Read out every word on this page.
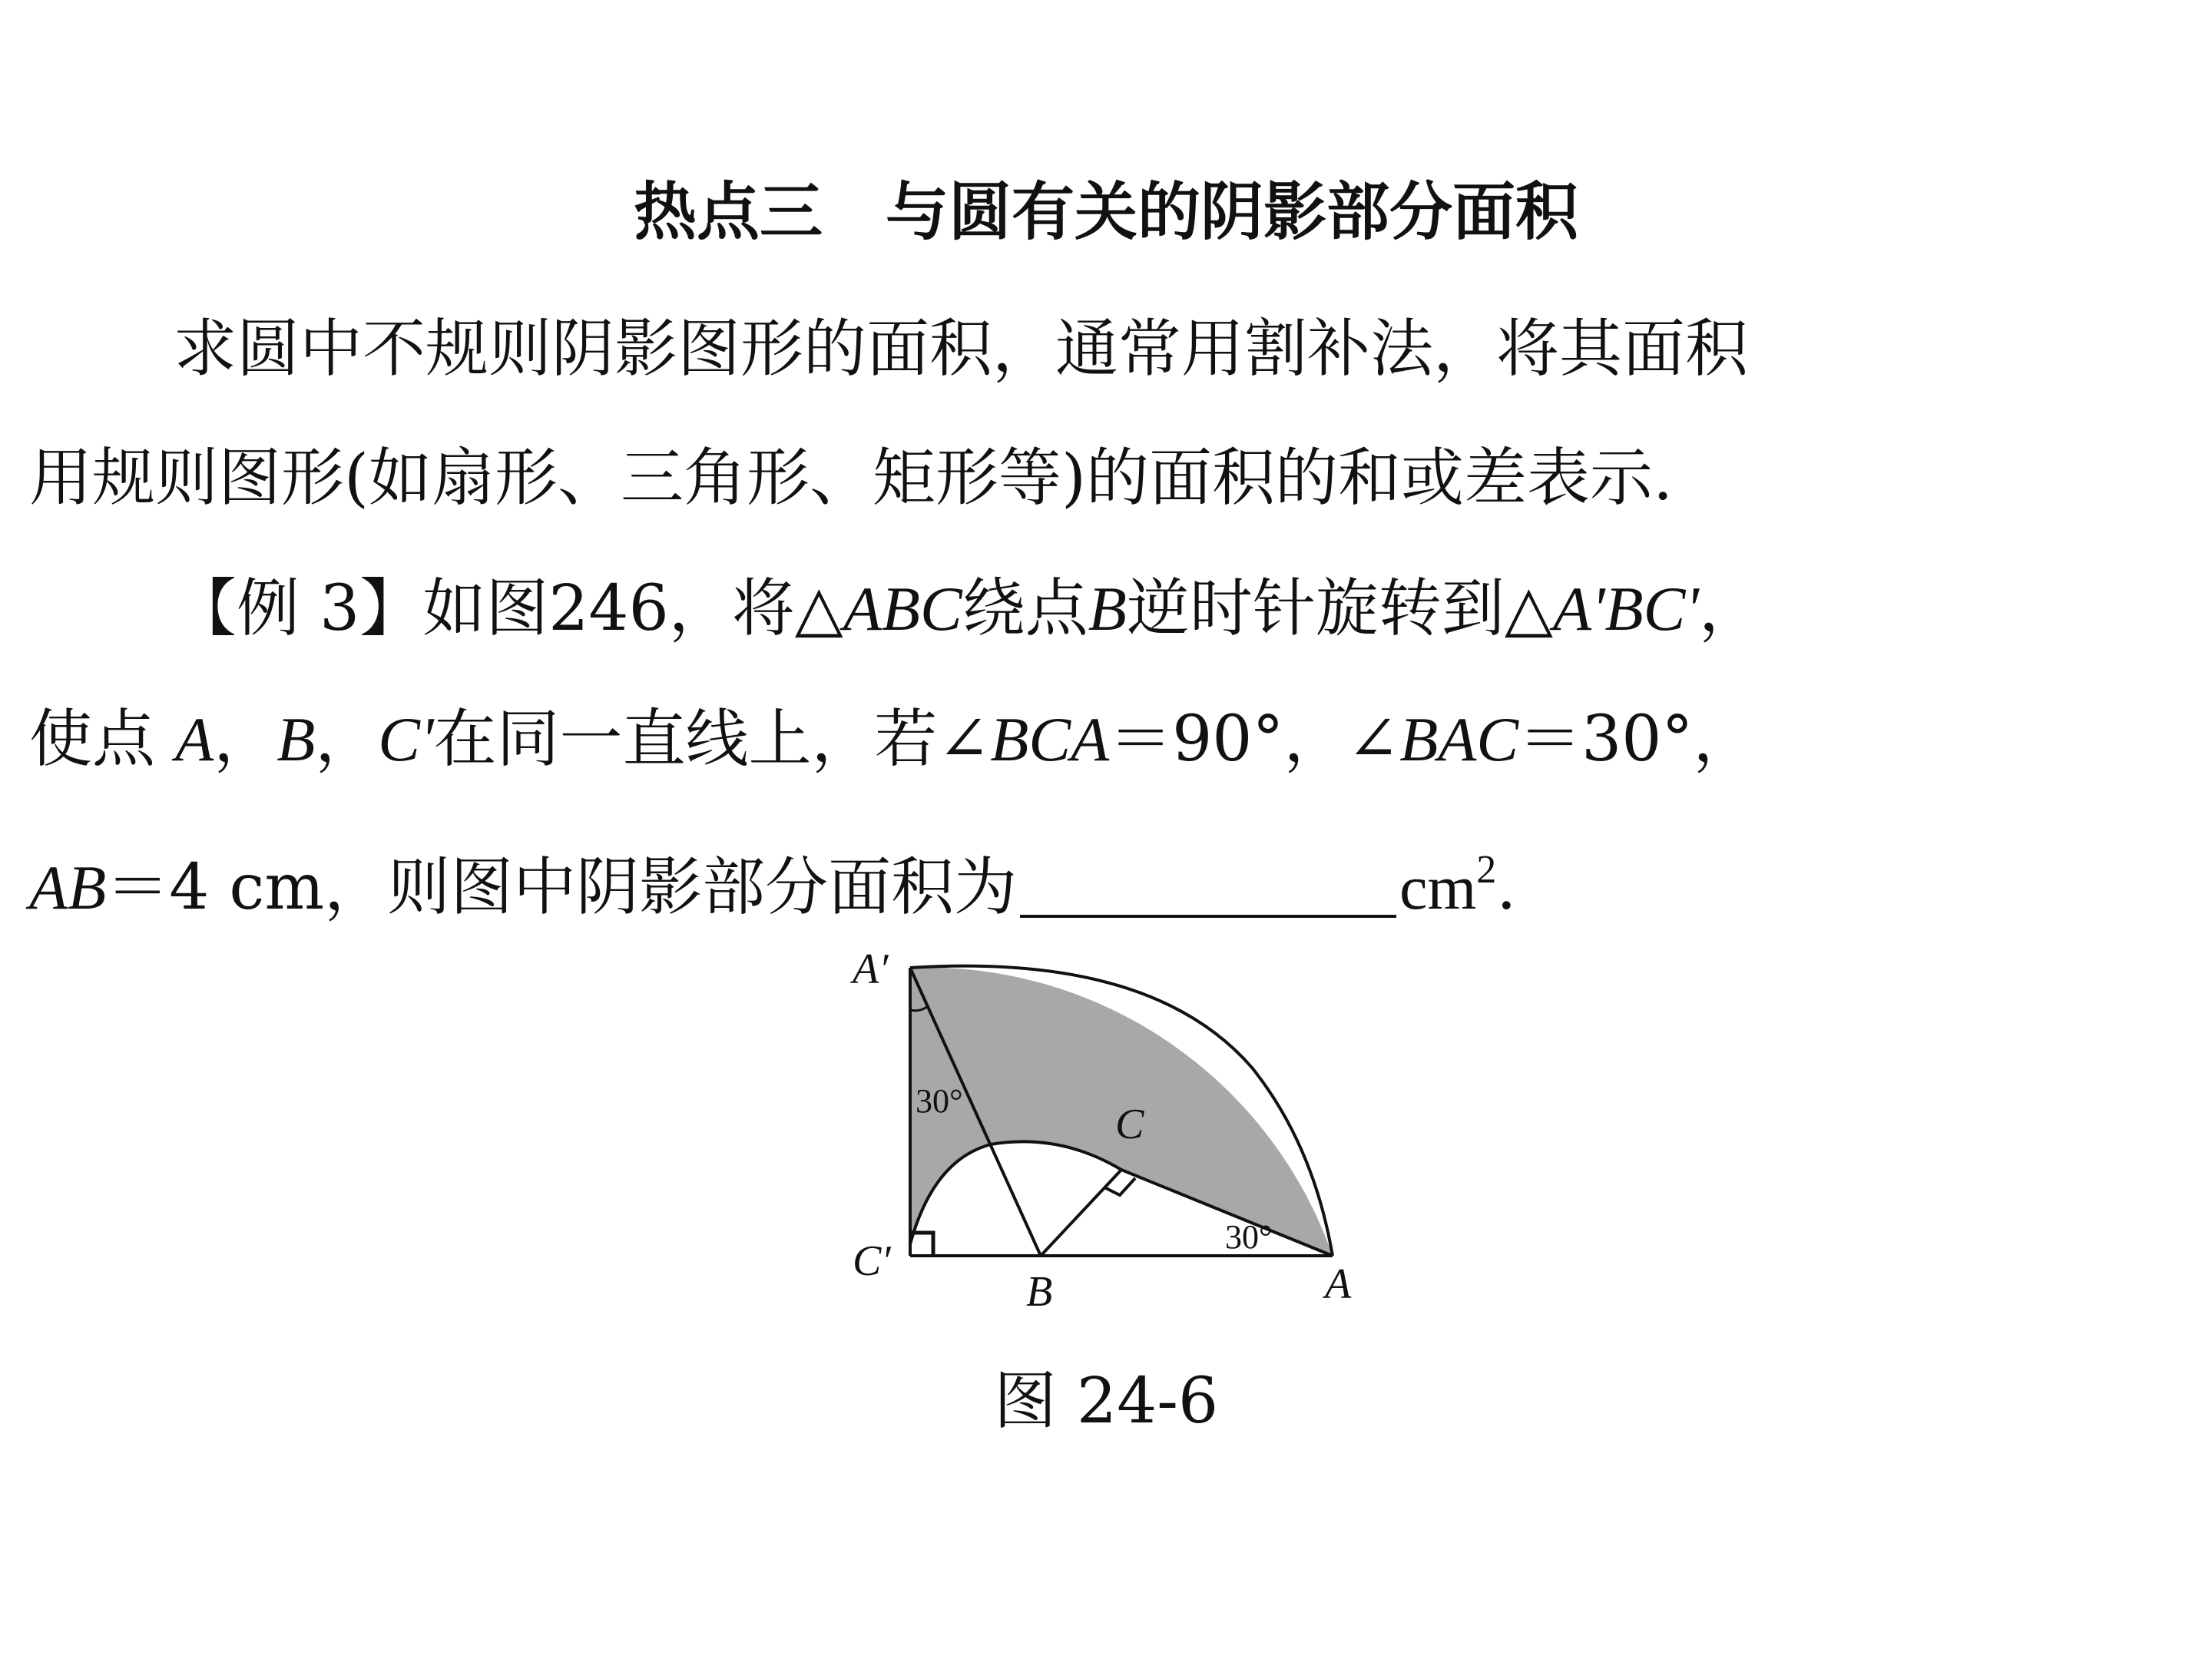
热点三　与圆有关的阴影部分面积
求圆中不规则阴影图形的面积，通常用割补法，将其面积
用规则图形(如扇形、三角形、矩形等)的面积的和或差表示.
【例 3】如图246，将△ABC绕点B逆时针旋转到△A'BC'，
使点 A，B，C'在同一直线上，若∠BCA＝90°，∠BAC＝30°，
AB＝4 cm，则图中阴影部分面积为	$cm^2$.
A′
30°	C
30°
C′
B	A
图 24-6
